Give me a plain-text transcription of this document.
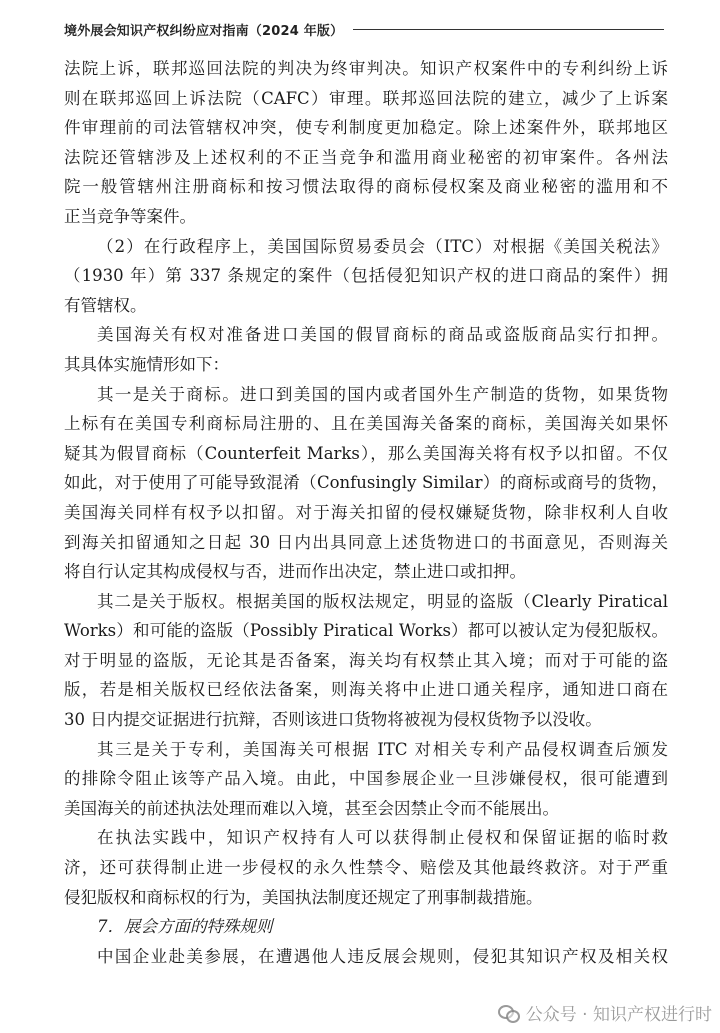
境外展会知识产权纠纷应对指南（2024 年版）
法院上诉，联邦巡回法院的判决为终审判决。知识产权案件中的专利纠纷上诉
则在联邦巡回上诉法院（CAFC）审理。联邦巡回法院的建立，减少了上诉案
件审理前的司法管辖权冲突，使专利制度更加稳定。除上述案件外，联邦地区
法院还管辖涉及上述权利的不正当竞争和滥用商业秘密的初审案件。各州法
院一般管辖州注册商标和按习惯法取得的商标侵权案及商业秘密的滥用和不
正当竞争等案件。
（2）在行政程序上，美国国际贸易委员会（ITC）对根据《美国关税法》
（1930 年）第 337 条规定的案件（包括侵犯知识产权的进口商品的案件）拥
有管辖权。
美国海关有权对准备进口美国的假冒商标的商品或盗版商品实行扣押。
其具体实施情形如下：
其一是关于商标。进口到美国的国内或者国外生产制造的货物，如果货物
上标有在美国专利商标局注册的、且在美国海关备案的商标，美国海关如果怀
疑其为假冒商标（Counterfeit Marks），那么美国海关将有权予以扣留。不仅
如此，对于使用了可能导致混淆（Confusingly Similar）的商标或商号的货物，
美国海关同样有权予以扣留。对于海关扣留的侵权嫌疑货物，除非权利人自收
到海关扣留通知之日起 30 日内出具同意上述货物进口的书面意见，否则海关
将自行认定其构成侵权与否，进而作出决定，禁止进口或扣押。
其二是关于版权。根据美国的版权法规定，明显的盗版（Clearly Piratical
Works）和可能的盗版（Possibly Piratical Works）都可以被认定为侵犯版权。
对于明显的盗版，无论其是否备案，海关均有权禁止其入境；而对于可能的盗
版，若是相关版权已经依法备案，则海关将中止进口通关程序，通知进口商在
30 日内提交证据进行抗辩，否则该进口货物将被视为侵权货物予以没收。
其三是关于专利，美国海关可根据 ITC 对相关专利产品侵权调查后颁发
的排除令阻止该等产品入境。由此，中国参展企业一旦涉嫌侵权，很可能遭到
美国海关的前述执法处理而难以入境，甚至会因禁止令而不能展出。
在执法实践中，知识产权持有人可以获得制止侵权和保留证据的临时救
济，还可获得制止进一步侵权的永久性禁令、赔偿及其他最终救济。对于严重
侵犯版权和商标权的行为，美国执法制度还规定了刑事制裁措施。
7．展会方面的特殊规则
中国企业赴美参展，在遭遇他人违反展会规则，侵犯其知识产权及相关权
公众号 · 知识产权进行时
